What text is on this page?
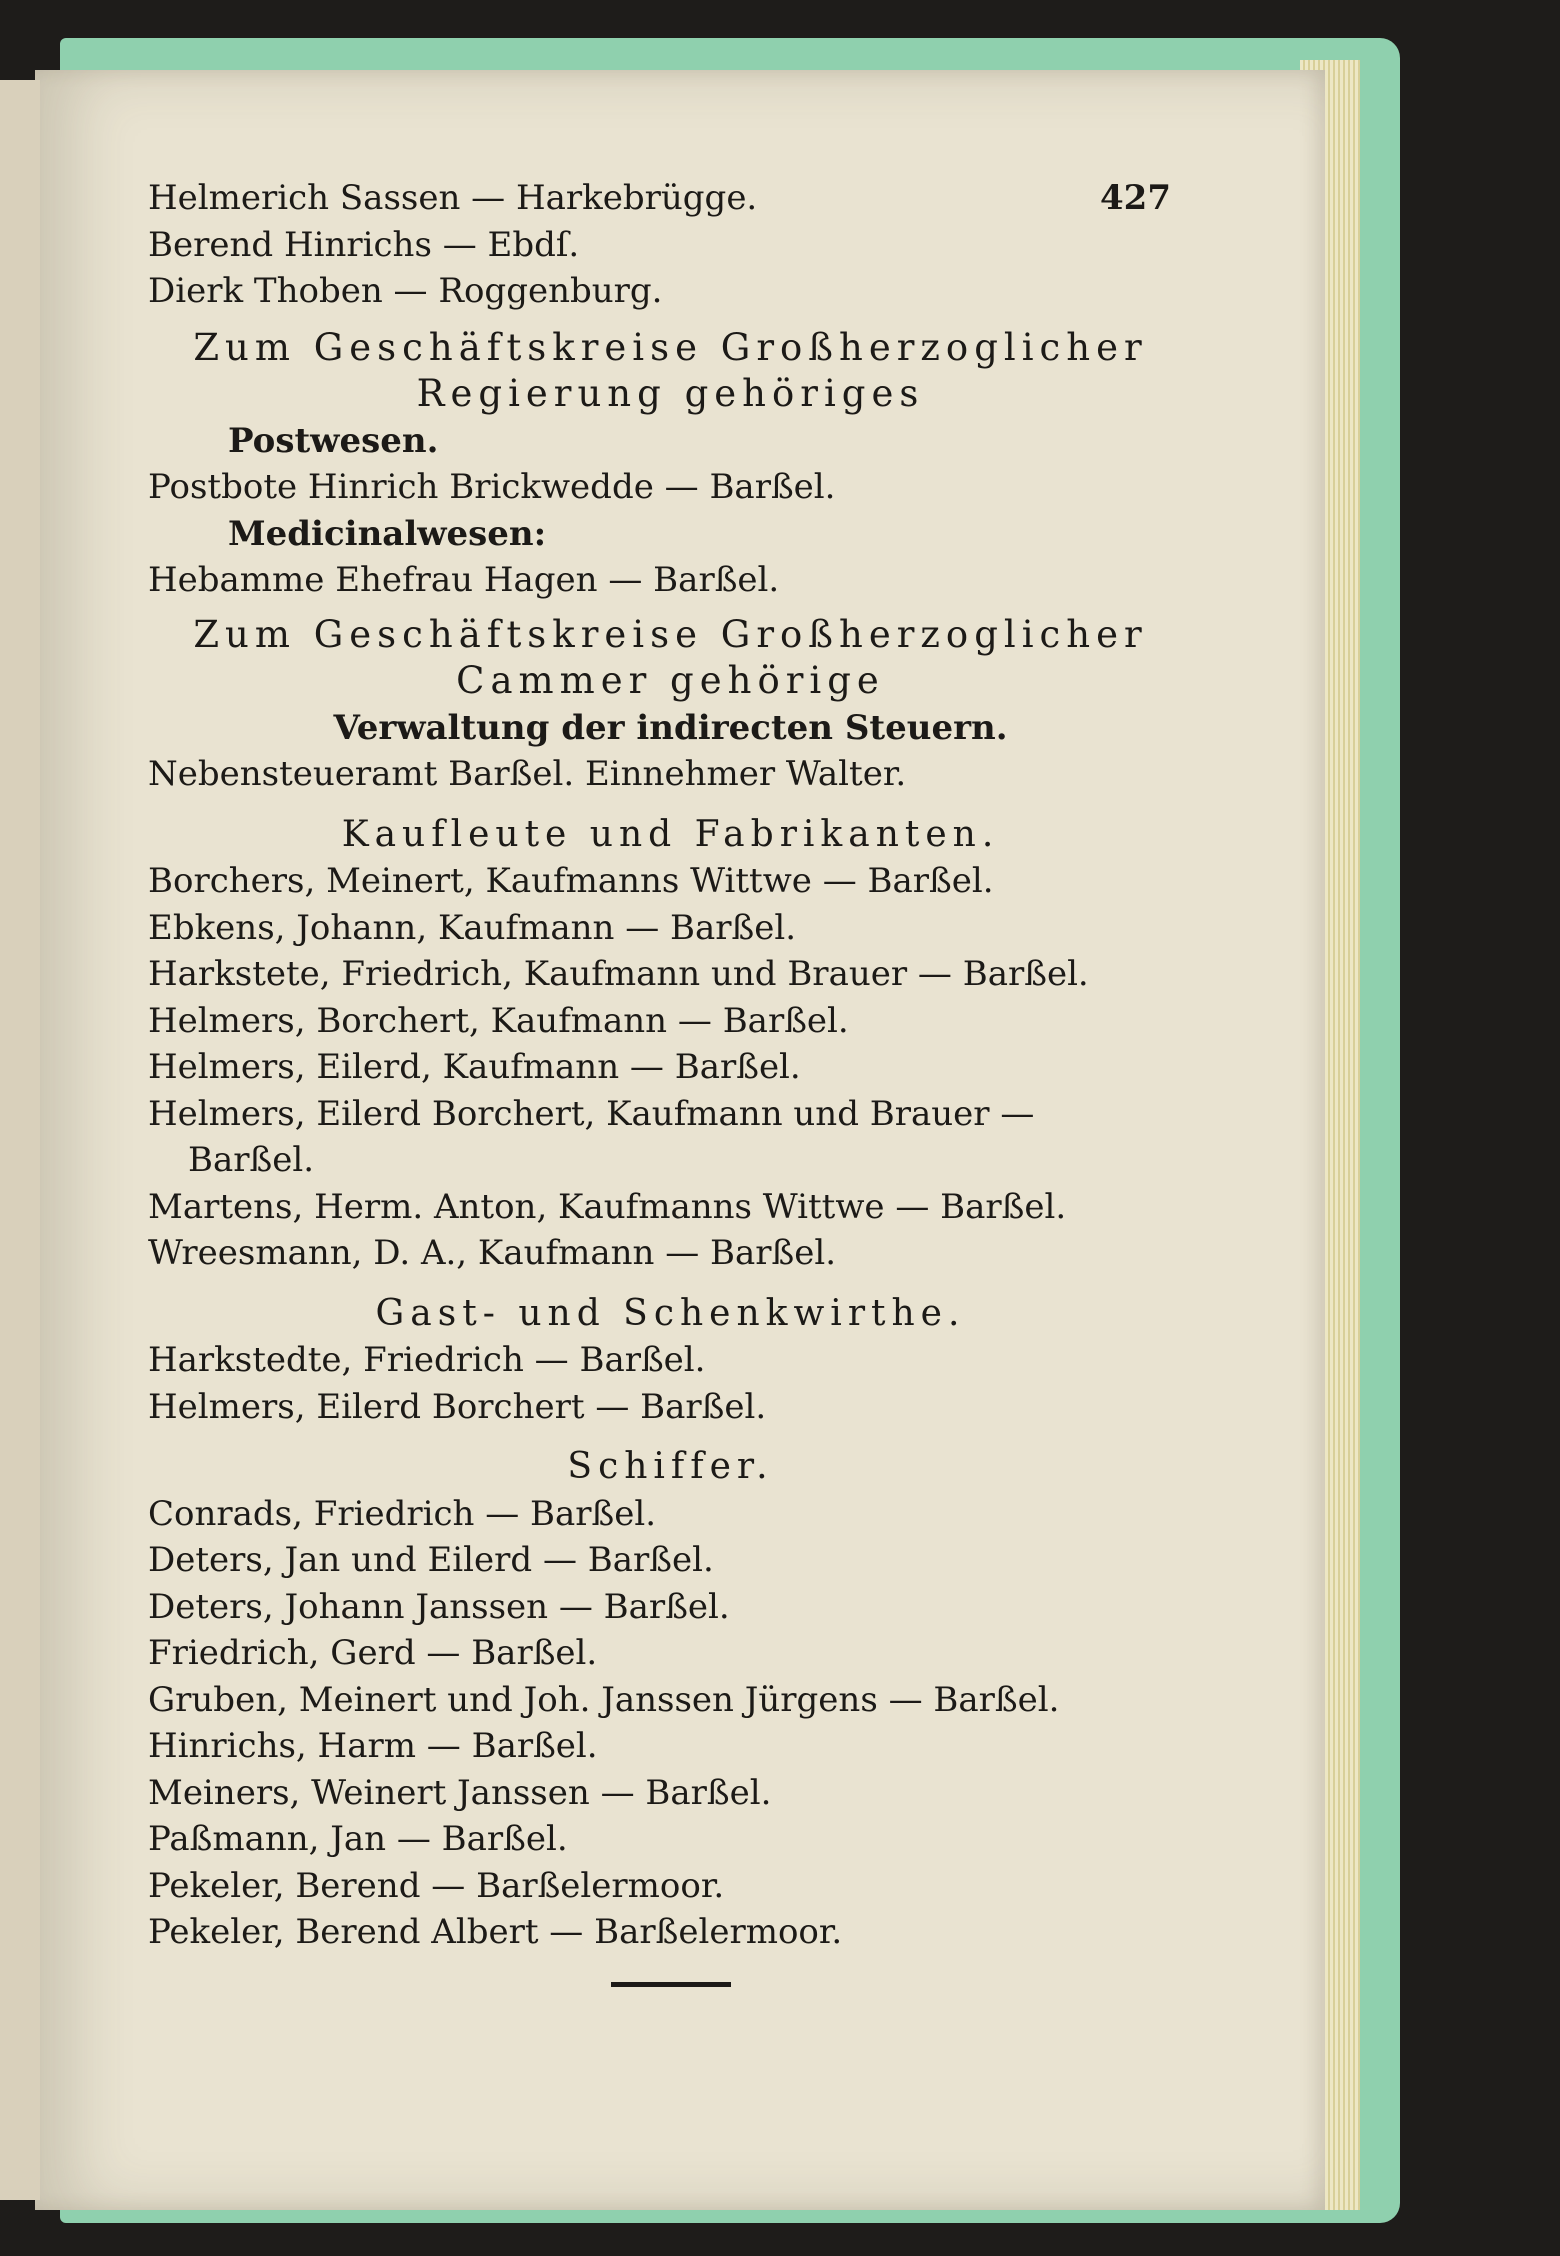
427
Helmerich Sassen — Harkebrügge.
Berend Hinrichs — Ebdſ.
Dierk Thoben — Roggenburg.
Zum Geschäftskreise Großherzoglicher
Regierung gehöriges
Postwesen.
Postbote Hinrich Brickwedde — Barßel.
Medicinalwesen:
Hebamme Ehefrau Hagen — Barßel.
Zum Geschäftskreise Großherzoglicher
Cammer gehörige
Verwaltung der indirecten Steuern.
Nebensteueramt Barßel. Einnehmer Walter.
Kaufleute und Fabrikanten.
Borchers, Meinert, Kaufmanns Wittwe — Barßel.
Ebkens, Johann, Kaufmann — Barßel.
Harkstete, Friedrich, Kaufmann und Brauer — Barßel.
Helmers, Borchert, Kaufmann — Barßel.
Helmers, Eilerd, Kaufmann — Barßel.
Helmers, Eilerd Borchert, Kaufmann und Brauer —
Barßel.
Martens, Herm. Anton, Kaufmanns Wittwe — Barßel.
Wreesmann, D. A., Kaufmann — Barßel.
Gast- und Schenkwirthe.
Harkstedte, Friedrich — Barßel.
Helmers, Eilerd Borchert — Barßel.
Schiffer.
Conrads, Friedrich — Barßel.
Deters, Jan und Eilerd — Barßel.
Deters, Johann Janssen — Barßel.
Friedrich, Gerd — Barßel.
Gruben, Meinert und Joh. Janssen Jürgens — Barßel.
Hinrichs, Harm — Barßel.
Meiners, Weinert Janssen — Barßel.
Paßmann, Jan — Barßel.
Pekeler, Berend — Barßelermoor.
Pekeler, Berend Albert — Barßelermoor.
